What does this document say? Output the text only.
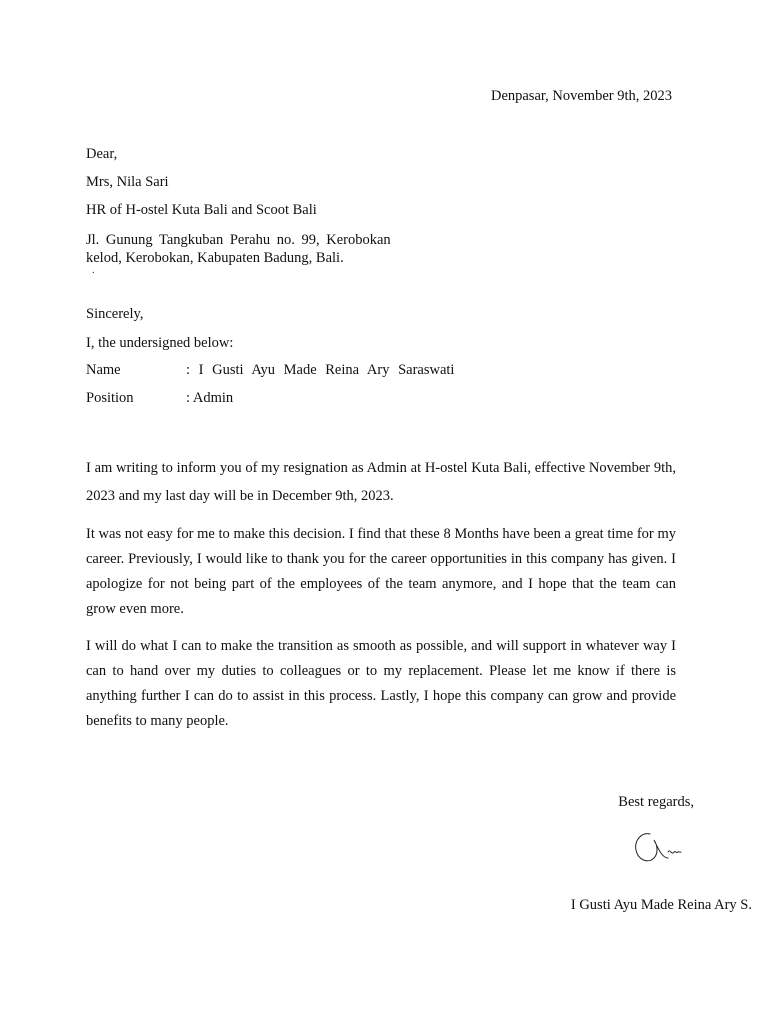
Denpasar, November 9th, 2023
Dear,
Mrs, Nila Sari
HR of H-ostel Kuta Bali and Scoot Bali
Jl. Gunung Tangkuban Perahu no. 99, Kerobokan
kelod, Kerobokan, Kabupaten Badung, Bali.
.
Sincerely,
I, the undersigned below:
Name	: I Gusti Ayu Made Reina Ary Saraswati
Position	: Admin

I am writing to inform you of my resignation as Admin at H-ostel Kuta Bali, effective November 9th, 2023 and my last day will be in December 9th, 2023.

It was not easy for me to make this decision. I find that these 8 Months have been a great time for my career. Previously, I would like to thank you for the career opportunities in this company has given. I apologize for not being part of the employees of the team anymore, and I hope that the team can grow even more.

I will do what I can to make the transition as smooth as possible, and will support in whatever way I can to hand over my duties to colleagues or to my replacement. Please let me know if there is anything further I can do to assist in this process. Lastly, I hope this company can grow and provide benefits to many people.

Best regards,
I Gusti Ayu Made Reina Ary S.
